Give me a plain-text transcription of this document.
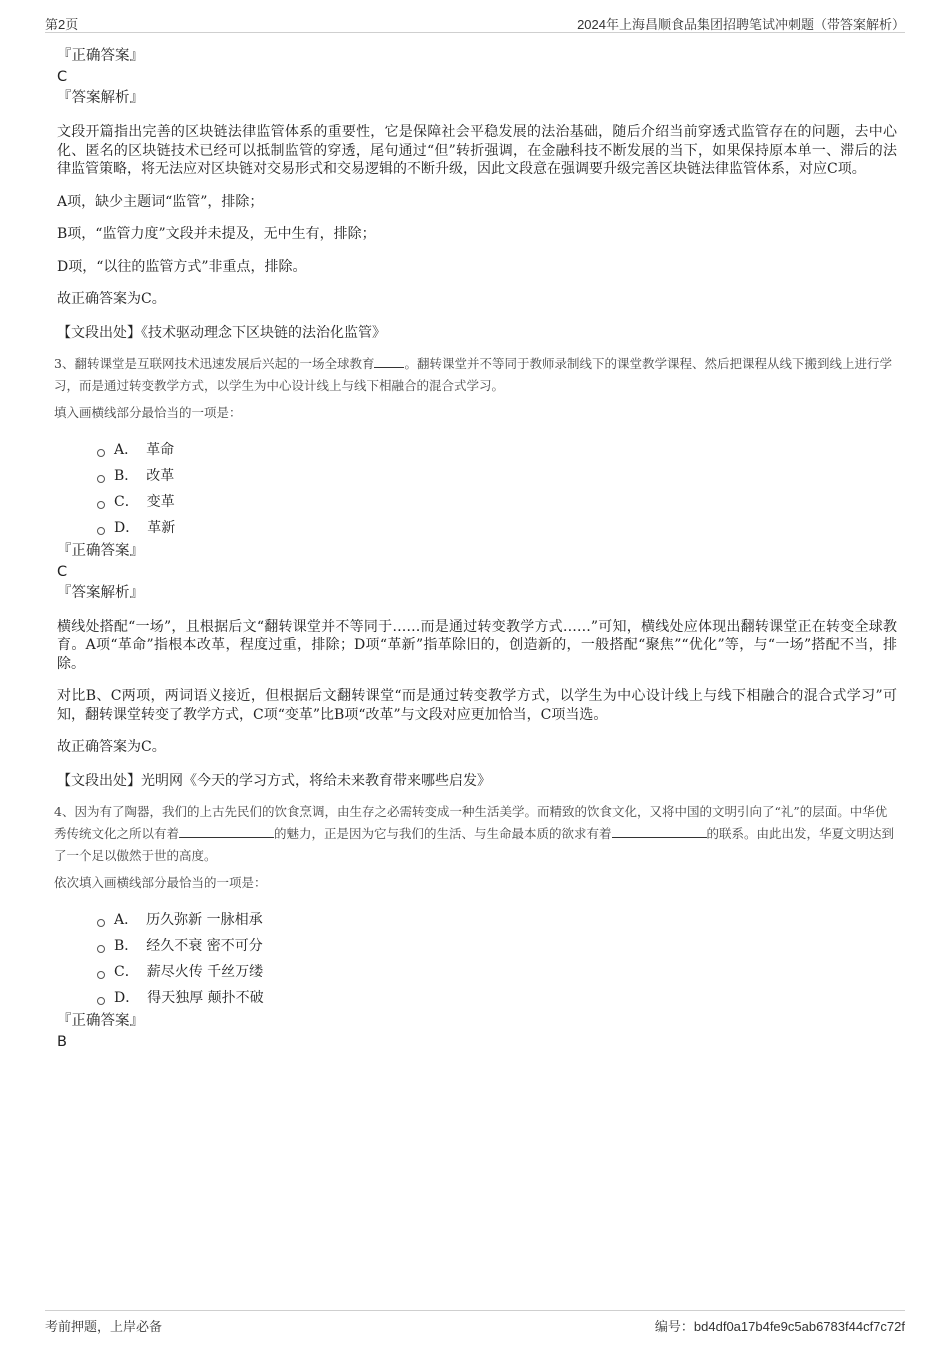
第2页	2024年上海昌顺食品集团招聘笔试冲刺题（带答案解析）

『正确答案』

C

『答案解析』

文段开篇指出完善的区块链法律监管体系的重要性，它是保障社会平稳发展的法治基础，随后介绍当前穿透式监管存在的问题，去中心化、匿名的区块链技术已经可以抵制监管的穿透，尾句通过“但”转折强调，在金融科技不断发展的当下，如果保持原本单一、滞后的法律监管策略，将无法应对区块链对交易形式和交易逻辑的不断升级，因此文段意在强调要升级完善区块链法律监管体系，对应C项。

A项，缺少主题词“监管”，排除；

B项，“监管力度”文段并未提及，无中生有，排除；

D项，“以往的监管方式”非重点，排除。

故正确答案为C。

【文段出处】《技术驱动理念下区块链的法治化监管》

3、翻转课堂是互联网技术迅速发展后兴起的一场全球教育 。翻转课堂并不等同于教师录制线下的课堂教学课程、然后把课程从线下搬到线上进行学习，而是通过转变教学方式，以学生为中心设计线上与线下相融合的混合式学习。

填入画横线部分最恰当的一项是：

A． 革命
B． 改革
C． 变革
D． 革新

『正确答案』

C

『答案解析』

横线处搭配“一场”，且根据后文“翻转课堂并不等同于……而是通过转变教学方式……”可知，横线处应体现出翻转课堂正在转变全球教育。A项“革命”指根本改革，程度过重，排除；D项“革新”指革除旧的，创造新的，一般搭配“聚焦”“优化”等，与“一场”搭配不当，排除。

对比B、C两项，两词语义接近，但根据后文翻转课堂“而是通过转变教学方式，以学生为中心设计线上与线下相融合的混合式学习”可知，翻转课堂转变了教学方式，C项“变革”比B项“改革”与文段对应更加恰当，C项当选。

故正确答案为C。

【文段出处】光明网《今天的学习方式，将给未来教育带来哪些启发》

4、因为有了陶器，我们的上古先民们的饮食烹调，由生存之必需转变成一种生活美学。而精致的饮食文化，又将中国的文明引向了“礼”的层面。中华优秀传统文化之所以有着	的魅力，正是因为它与我们的生活、与生命最本质的欲求有着	的联系。由此出发，华夏文明达到了一个足以傲然于世的高度。

依次填入画横线部分最恰当的一项是：

A． 历久弥新 一脉相承
B． 经久不衰 密不可分
C． 薪尽火传 千丝万缕
D． 得天独厚 颠扑不破

『正确答案』

B

考前押题，上岸必备	编号：bd4df0a17b4fe9c5ab6783f44cf7c72f
